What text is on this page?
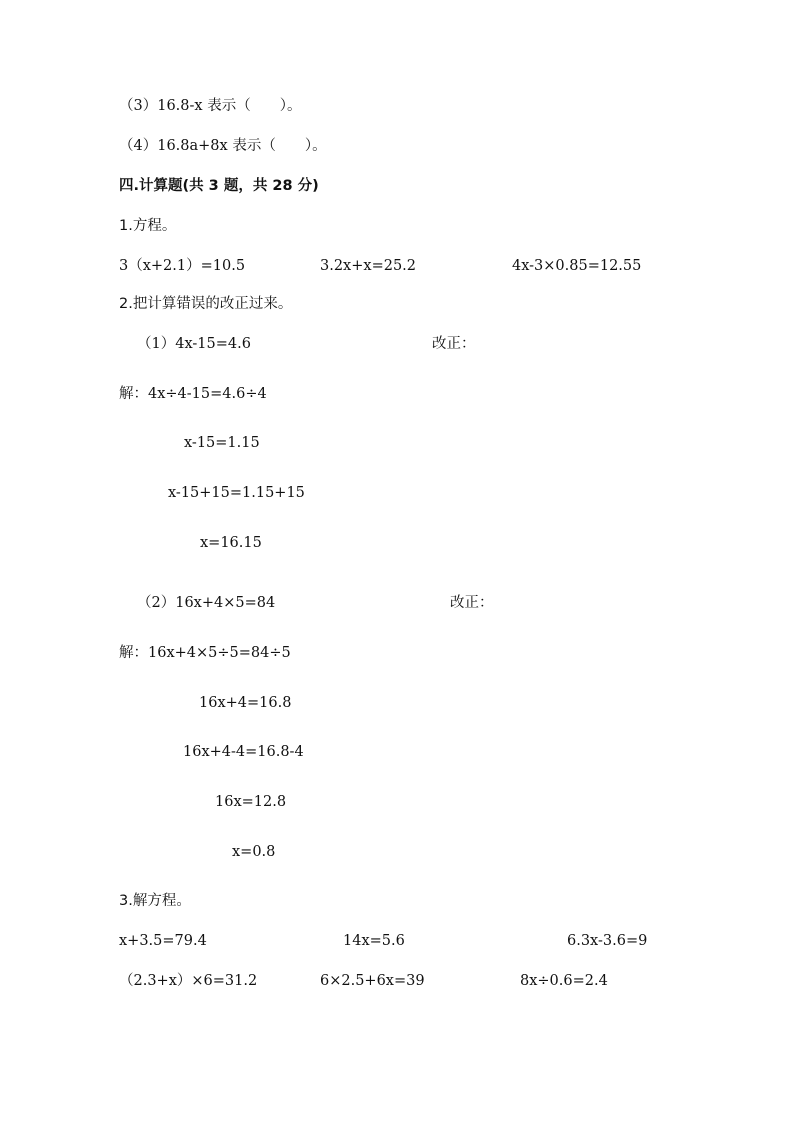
（3）16.8-x 表示（　　）。
（4）16.8a+8x 表示（　　）。
四.计算题(共 3 题，共 28 分)
1.方程。
3（x+2.1）=10.5	3.2x+x=25.2	4x-3×0.85=12.55
2.把计算错误的改正过来。
（1）4x-15=4.6	改正：
解：4x÷4-15=4.6÷4
x-15=1.15
x-15+15=1.15+15
x=16.15
（2）16x+4×5=84	改正：
解：16x+4×5÷5=84÷5
16x+4=16.8
16x+4-4=16.8-4
16x=12.8
x=0.8
3.解方程。
x+3.5=79.4	14x=5.6	6.3x-3.6=9
（2.3+x）×6=31.2	6×2.5+6x=39	8x÷0.6=2.4
